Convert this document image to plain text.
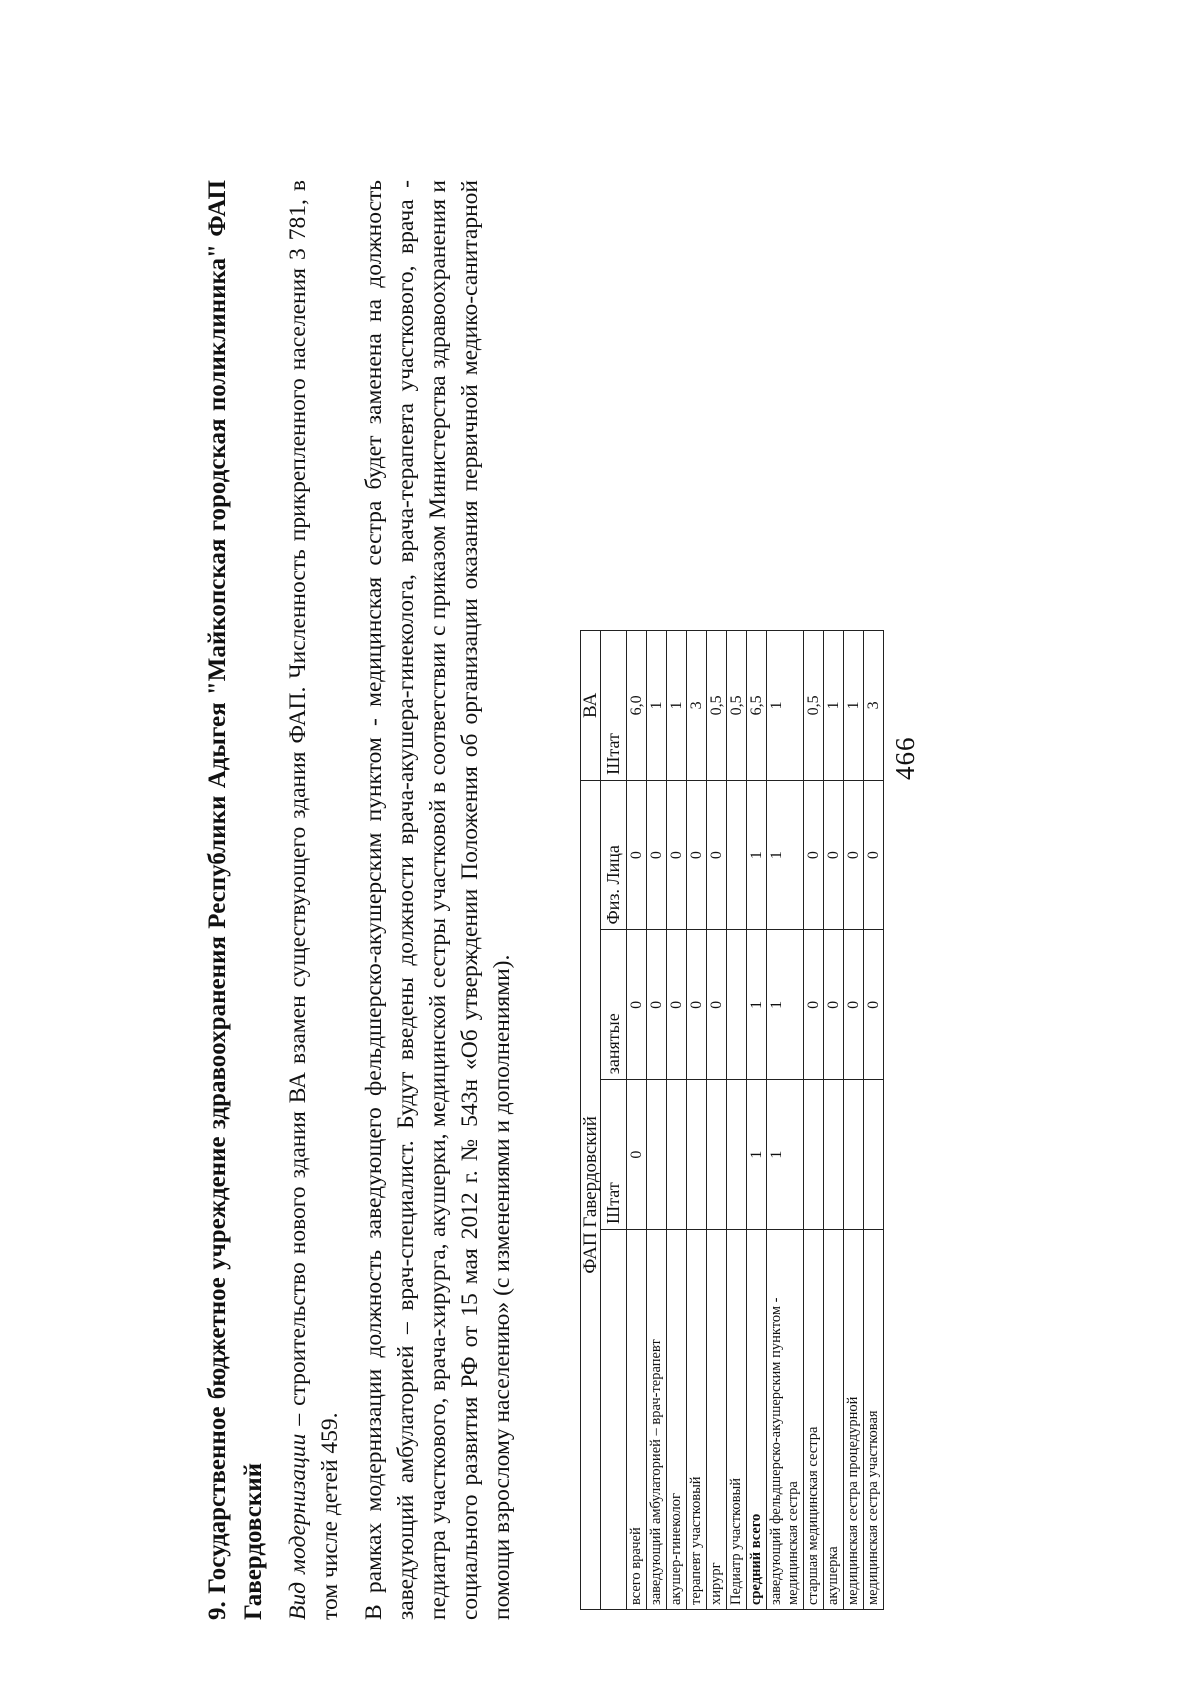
466

9. Государственное бюджетное учреждение здравоохранения Республики Адыгея "Майкопская городская поликлиника" ФАП Гавердовский Вид модернизации – строительство нового здания ВА взамен существующего здания ФАП. Численность прикрепленного населения 3 781, в том числе детей 459. В рамках модернизации должность заведующего фельдшерско-акушерским пунктом - медицинская сестра будет заменена на должность заведующий амбулаторией – врач-специалист. Будут введены должности врача-акушера-гинеколога, врача-терапевта участкового, врача - педиатра участкового, врача-хирурга, акушерки, медицинской сестры участковой в соответствии с приказом Министерства здравоохранения и социального развития РФ от 15 мая 2012 г. № 543н «Об утверждении Положения об организации оказания первичной медико-санитарной помощи взрослому населению» (с изменениями и дополнениями).	ФАП Гавердовский				ВА
	Штат	занятые	Физ. Лица	Штат
всего врачей	0	0	0	6,0
заведующий амбулаторией – врач-терапевт		0	0	1
акушер-гинеколог		0	0	1
терапевт участковый		0	0	3
хирург		0	0	0,5
Педиатр участковый				0,5
средний всего	1	1	1	6,5
заведующий фельдшерско-акушерским пунктом - медицинская сестра	1	1	1	1
старшая медицинская сестра		0	0	0,5
акушерка		0	0	1
медицинская сестра процедурной		0	0	1
медицинская сестра участковая		0	0	3
